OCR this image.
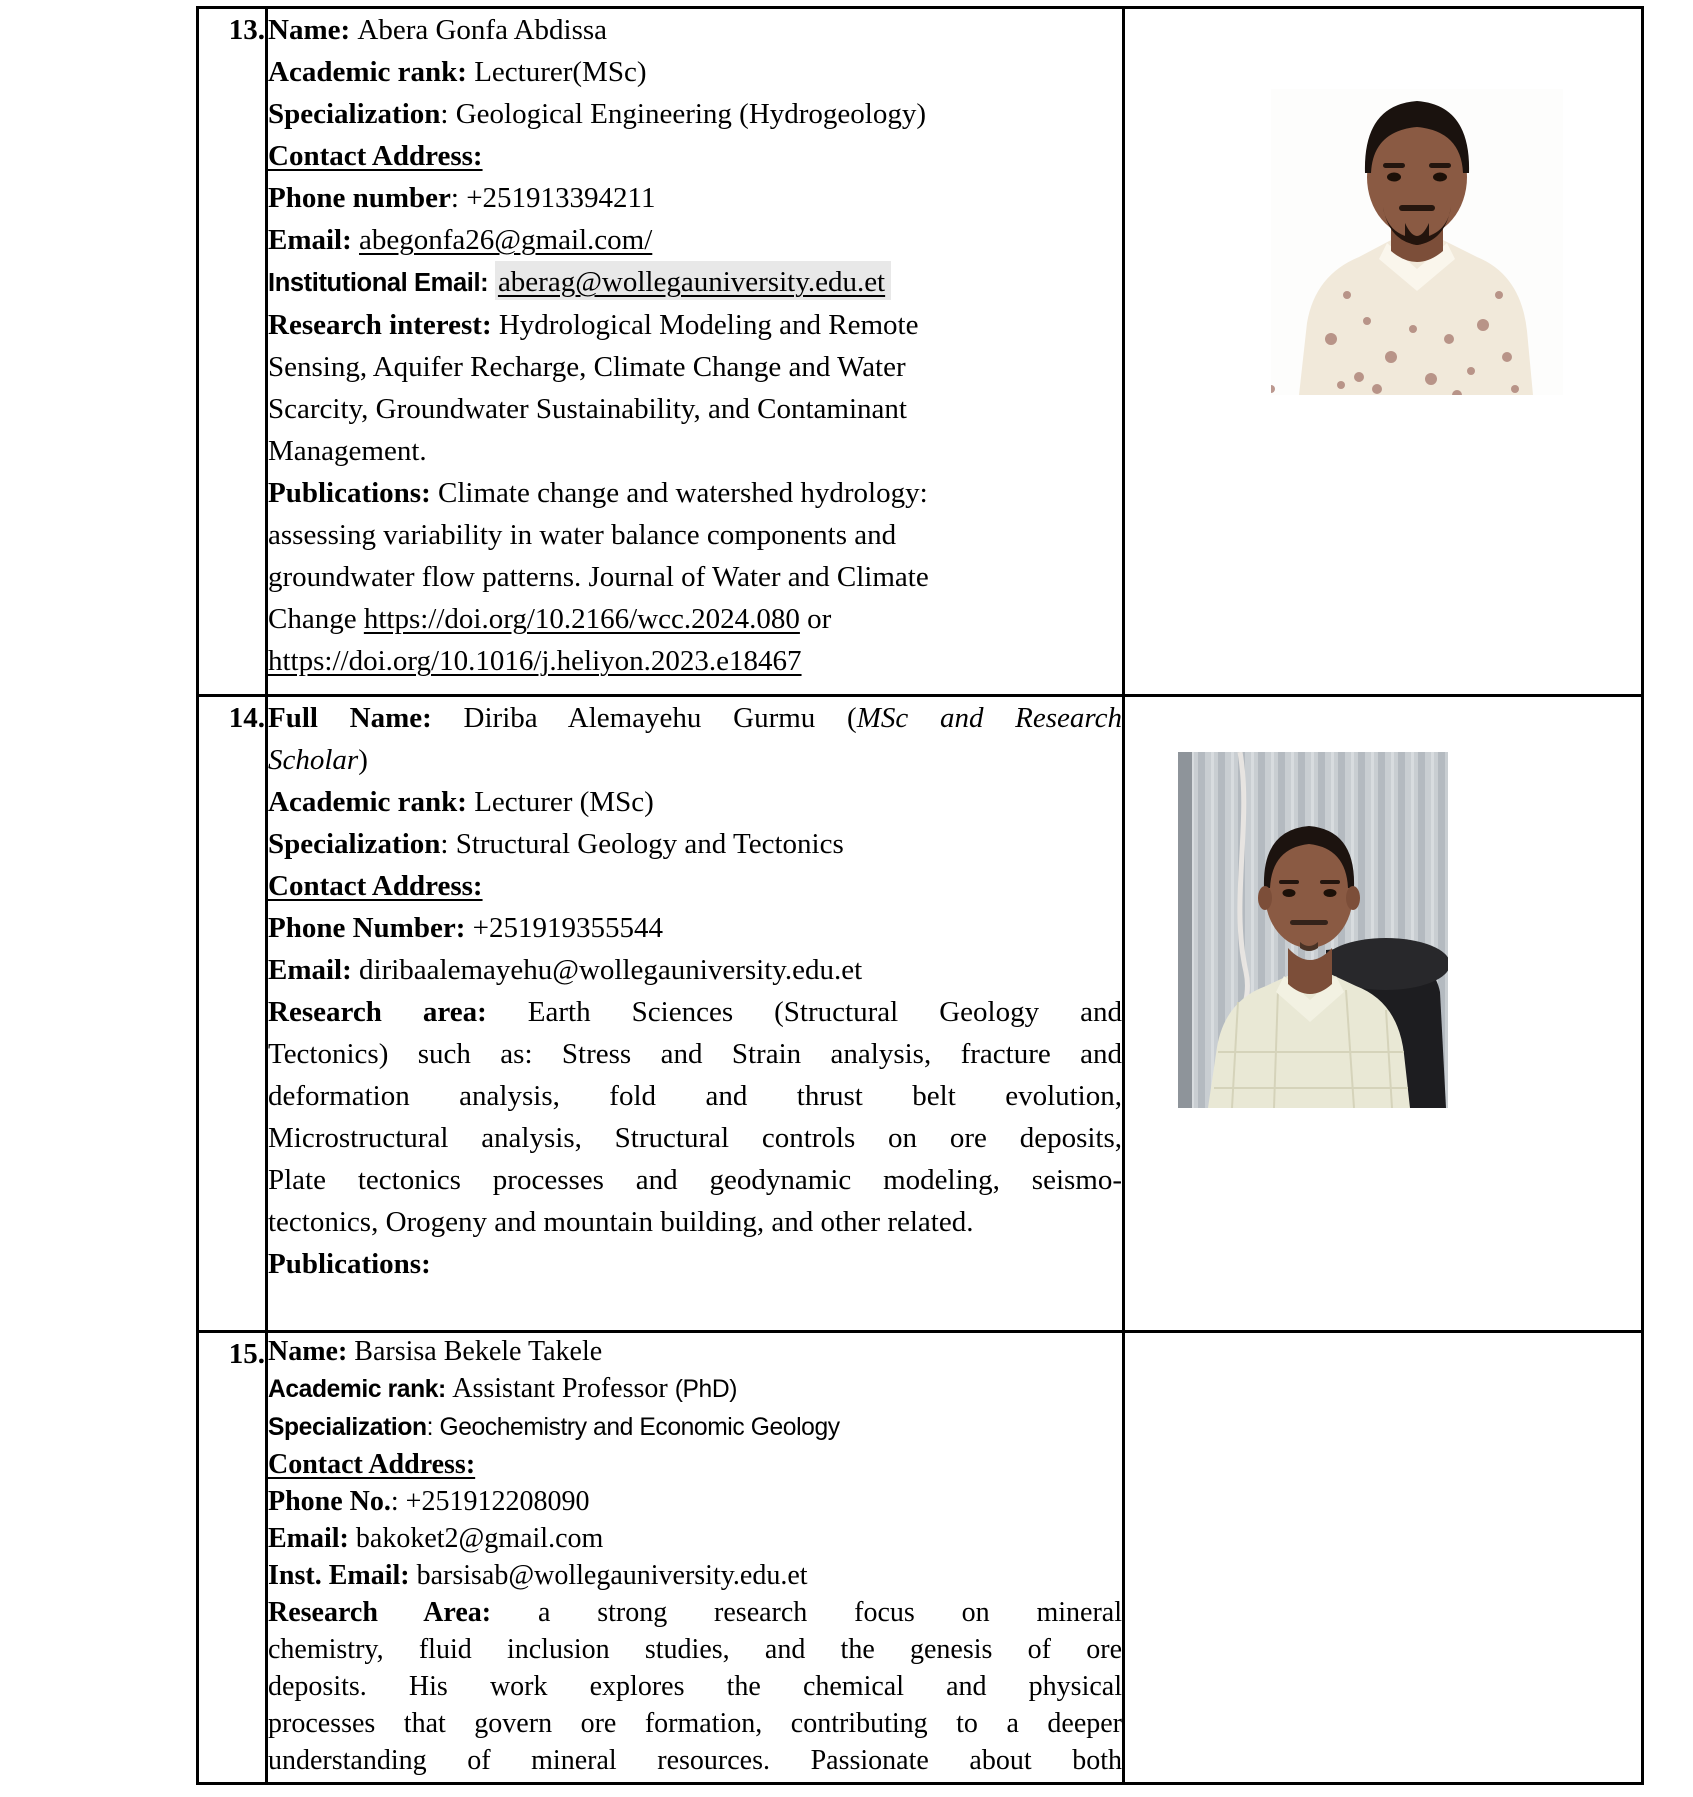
13.	Name: Abera Gonfa Abdissa
Academic rank: Lecturer(MSc)
Specialization: Geological Engineering (Hydrogeology)
Contact Address:
Phone number: +251913394211
Email: abegonfa26@gmail.com/
Institutional Email: aberag@wollegauniversity.edu.et
Research interest: Hydrological Modeling and Remote
Sensing, Aquifer Recharge, Climate Change and Water
Scarcity, Groundwater Sustainability, and Contaminant
Management.
Publications: Climate change and watershed hydrology:
assessing variability in water balance components and
groundwater flow patterns. Journal of Water and Climate
Change https://doi.org/10.2166/wcc.2024.080 or
https://doi.org/10.1016/j.heliyon.2023.e18467

14.	Full Name: Diriba Alemayehu Gurmu (MSc and Research
Scholar)
Academic rank: Lecturer (MSc)
Specialization: Structural Geology and Tectonics
Contact Address:
Phone Number: +251919355544
Email: diribaalemayehu@wollegauniversity.edu.et
Research area: Earth Sciences (Structural Geology and
Tectonics) such as: Stress and Strain analysis, fracture and
deformation analysis, fold and thrust belt evolution,
Microstructural analysis, Structural controls on ore deposits,
Plate tectonics processes and geodynamic modeling, seismo-
tectonics, Orogeny and mountain building, and other related.
Publications:

15.	Name: Barsisa Bekele Takele
Academic rank: Assistant Professor (PhD)
Specialization: Geochemistry and Economic Geology
Contact Address:
Phone No.: +251912208090
Email: bakoket2@gmail.com
Inst. Email: barsisab@wollegauniversity.edu.et
Research Area: a strong research focus on mineral
chemistry, fluid inclusion studies, and the genesis of ore
deposits. His work explores the chemical and physical
processes that govern ore formation, contributing to a deeper
understanding of mineral resources. Passionate about both
